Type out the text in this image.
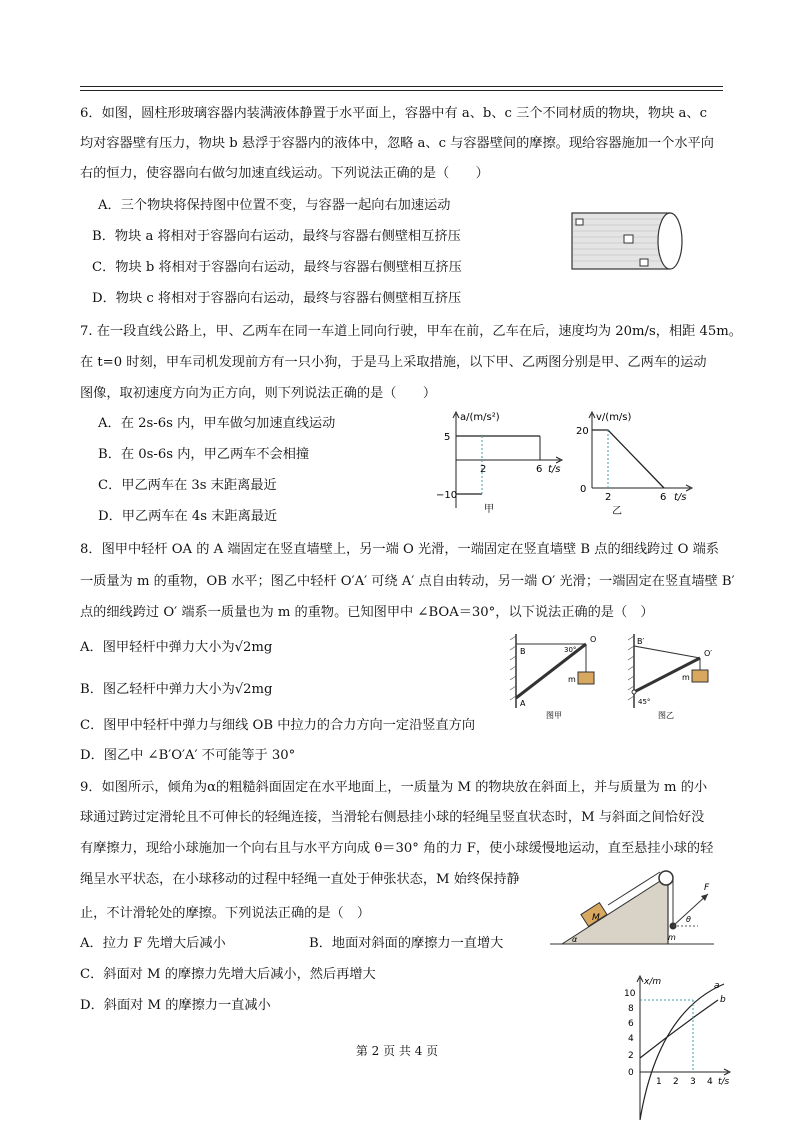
6．如图，圆柱形玻璃容器内装满液体静置于水平面上，容器中有 a、b、c 三个不同材质的物块，物块 a、c
均对容器壁有压力，物块 b 悬浮于容器内的液体中，忽略 a、c 与容器壁间的摩擦。现给容器施加一个水平向
右的恒力，使容器向右做匀加速直线运动。下列说法正确的是（　　）
A．三个物块将保持图中位置不变，与容器一起向右加速运动
B．物块 a 将相对于容器向右运动，最终与容器右侧壁相互挤压
C．物块 b 将相对于容器向右运动，最终与容器右侧壁相互挤压
D．物块 c 将相对于容器向右运动，最终与容器右侧壁相互挤压
7. 在一段直线公路上，甲、乙两车在同一车道上同向行驶，甲车在前，乙车在后，速度均为 20m/s，相距 45m。
在 t=0 时刻，甲车司机发现前方有一只小狗，于是马上采取措施，以下甲、乙两图分别是甲、乙两车的运动
图像，取初速度方向为正方向，则下列说法正确的是（　　）
A．在 2s-6s 内，甲车做匀加速直线运动
B．在 0s-6s 内，甲乙两车不会相撞
C．甲乙两车在 3s 末距离最近
D．甲乙两车在 4s 末距离最近
a/(m/s²)
5
−10
2	6 t/s
甲
v/(m/s)
20
0
2	6 t/s
乙
8．图甲中轻杆 OA 的 A 端固定在竖直墙壁上，另一端 O 光滑，一端固定在竖直墙壁 B 点的细线跨过 O 端系
一质量为 m 的重物，OB 水平；图乙中轻杆 O′A′ 可绕 A′ 点自由转动，另一端 O′ 光滑；一端固定在竖直墙壁 B′
点的细线跨过 O′ 端系一质量也为 m 的重物。已知图甲中 ∠BOA＝30°，以下说法正确的是（　）
A．图甲轻杆中弹力大小为√2mg
B．图乙轻杆中弹力大小为√2mg
C．图甲中轻杆中弹力与细线 OB 中拉力的合力方向一定沿竖直方向
D．图乙中 ∠B′O′A′ 不可能等于 30°
B
A
O
m
30°
图甲
B′
45°
O′
m
图乙
9．如图所示，倾角为α的粗糙斜面固定在水平地面上，一质量为 M 的物块放在斜面上，并与质量为 m 的小
球通过跨过定滑轮且不可伸长的轻绳连接，当滑轮右侧悬挂小球的轻绳呈竖直状态时，M 与斜面之间恰好没
有摩擦力，现给小球施加一个向右且与水平方向成 θ＝30° 角的力 F，使小球缓慢地运动，直至悬挂小球的轻
绳呈水平状态，在小球移动的过程中轻绳一直处于伸张状态，M 始终保持静
止，不计滑轮处的摩擦。下列说法正确的是（　）
A．拉力 F 先增大后减小	B．地面对斜面的摩擦力一直增大
C．斜面对 M 的摩擦力先增大后减小，然后再增大
D．斜面对 M 的摩擦力一直减小
M
F
θ
m
α
x/m
10
8
6
4
2
0
1 2 3 4 t/s
a
b
第 2 页 共 4 页
